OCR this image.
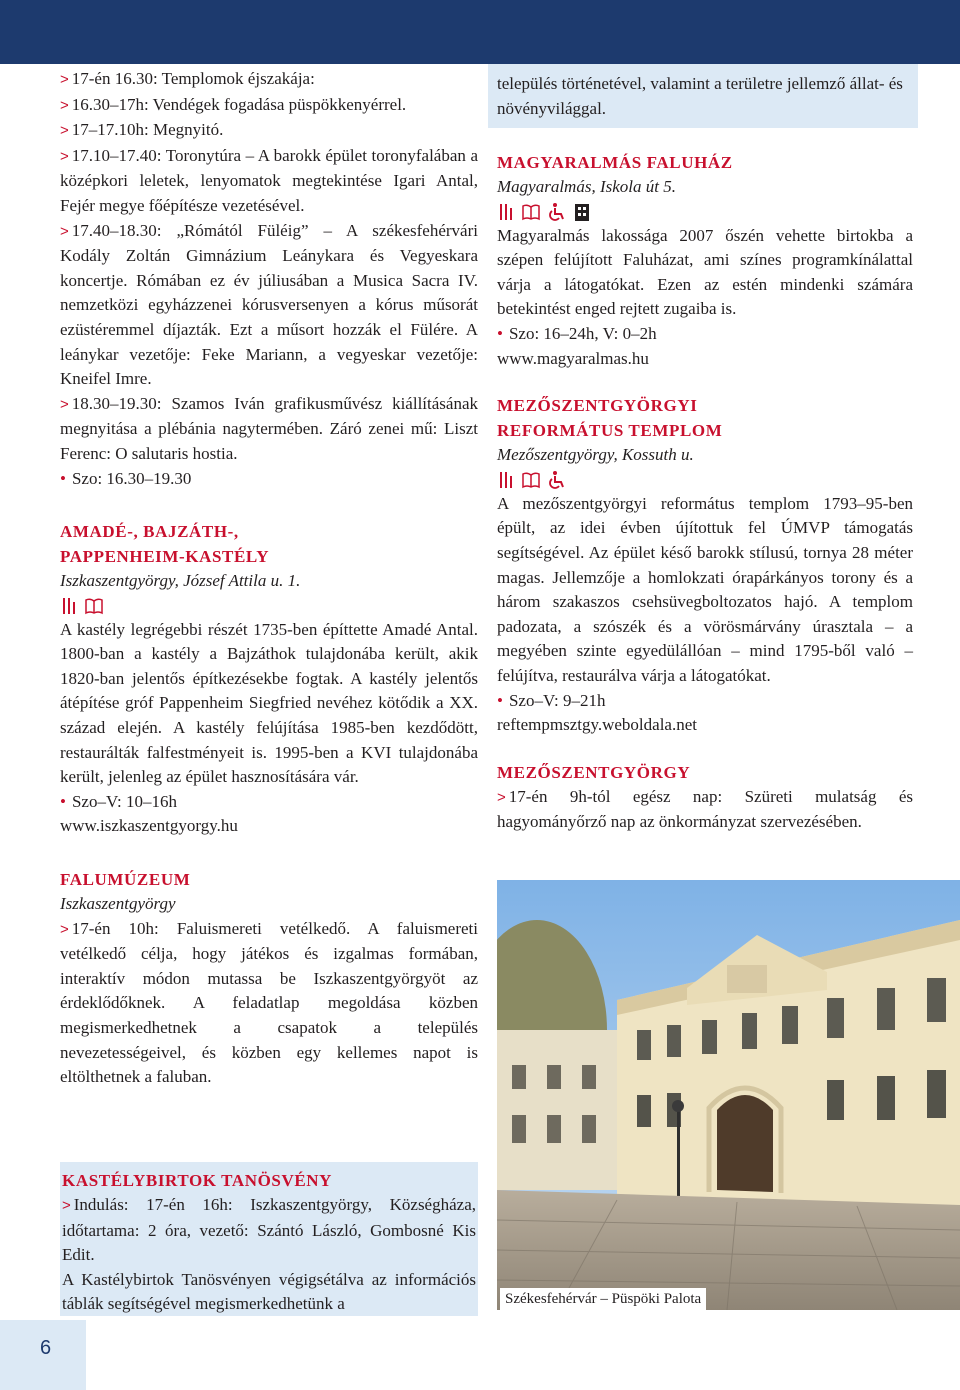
> 17-én 16.30: Templomok éjszakája:

> 16.30–17h: Vendégek fogadása püspökkenyérrel.

> 17–17.10h: Megnyitó.

> 17.10–17.40: Toronytúra – A barokk épület toronyfalában a középkori leletek, lenyomatok megtekintése Igari Antal, Fejér megye főépítésze vezetésével.

> 17.40–18.30: „Rómától Füléig” – A székesfehérvári Kodály Zoltán Gimnázium Leánykara és Vegyeskara koncertje. Rómában ez év júliusában a Musica Sacra IV. nemzetközi egyházzenei kórusversenyen a kórus műsorát ezüstéremmel díjazták. Ezt a műsort hozzák el Fülére. A leánykar vezetője: Feke Mariann, a vegyeskar vezetője: Kneifel Imre.

> 18.30–19.30: Szamos Iván grafikusművész kiállításának megnyitása a plébánia nagytermében. Záró zenei mű: Liszt Ferenc: O salutaris hostia.

• Szo: 16.30–19.30

AMADÉ-, BAJZÁTH-,

PAPPENHEIM-KASTÉLY

Iszkaszentgyörgy, József Attila u. 1.

A kastély legrégebbi részét 1735-ben építtette Amadé Antal. 1800-ban a kastély a Bajzáthok tulajdonába került, akik 1820-ban jelentős építkezésekbe fogtak. A kastély jelentős átépítése gróf Pappenheim Siegfried nevéhez kötődik a XX. század elején. A kastély felújítása 1985-ben kezdődött, restaurálták falfestményeit is. 1995-ben a KVI tulajdonába került, jelenleg az épület hasznosítására vár.

• Szo–V: 10–16h

www.iszkaszentgyorgy.hu

FALUMÚZEUM

Iszkaszentgyörgy

> 17-én 10h: Faluismereti vetélkedő. A faluismereti vetélkedő célja, hogy játékos és izgalmas formában, interaktív módon mutassa be Iszkaszentgyörgyöt az érdeklődőknek. A feladatlap megoldása közben megismerkedhetnek a csapatok a település nevezetességeivel, és közben egy kellemes napot is eltölthetnek a faluban.

KASTÉLYBIRTOK TANÖSVÉNY

> Indulás: 17-én 16h: Iszkaszentgyörgy, Községháza, időtartama: 2 óra, vezető: Szántó László, Gombosné Kis Edit.

A Kastélybirtok Tanösvényen végigsétálva az információs táblák segítségével megismerkedhetünk a

település történetével, valamint a területre jellemző állat- és növényvilággal.

MAGYARALMÁS FALUHÁZ

Magyaralmás, Iskola út 5.

Magyaralmás lakossága 2007 őszén vehette birtokba a szépen felújított Faluházat, ami színes programkínálattal várja a látogatókat. Ezen az estén mindenki számára betekintést enged rejtett zugaiba is.

• Szo: 16–24h, V: 0–2h

www.magyaralmas.hu

MEZŐSZENTGYÖRGYI

REFORMÁTUS TEMPLOM

Mezőszentgyörgy, Kossuth u.

A mezőszentgyörgyi református templom 1793–95-ben épült, az idei évben újítottuk fel ÚMVP támogatás segítségével. Az épület késő barokk stílusú, tornya 28 méter magas. Jellemzője a homlokzati órapárkányos torony és a három szakaszos csehsüvegboltozatos hajó. A templom padozata, a szószék és a vörösmárvány úrasztala – a megyében szinte egyedülállóan – mind 1795-ből való – felújítva, restaurálva várja a látogatókat.

• Szo–V: 9–21h

reftempmsztgy.weboldala.net

MEZŐSZENTGYÖRGY

> 17-én 9h-tól egész nap: Szüreti mulatság és hagyományőrző nap az önkormányzat szervezésében.

Székesfehérvár – Püspöki Palota
6
